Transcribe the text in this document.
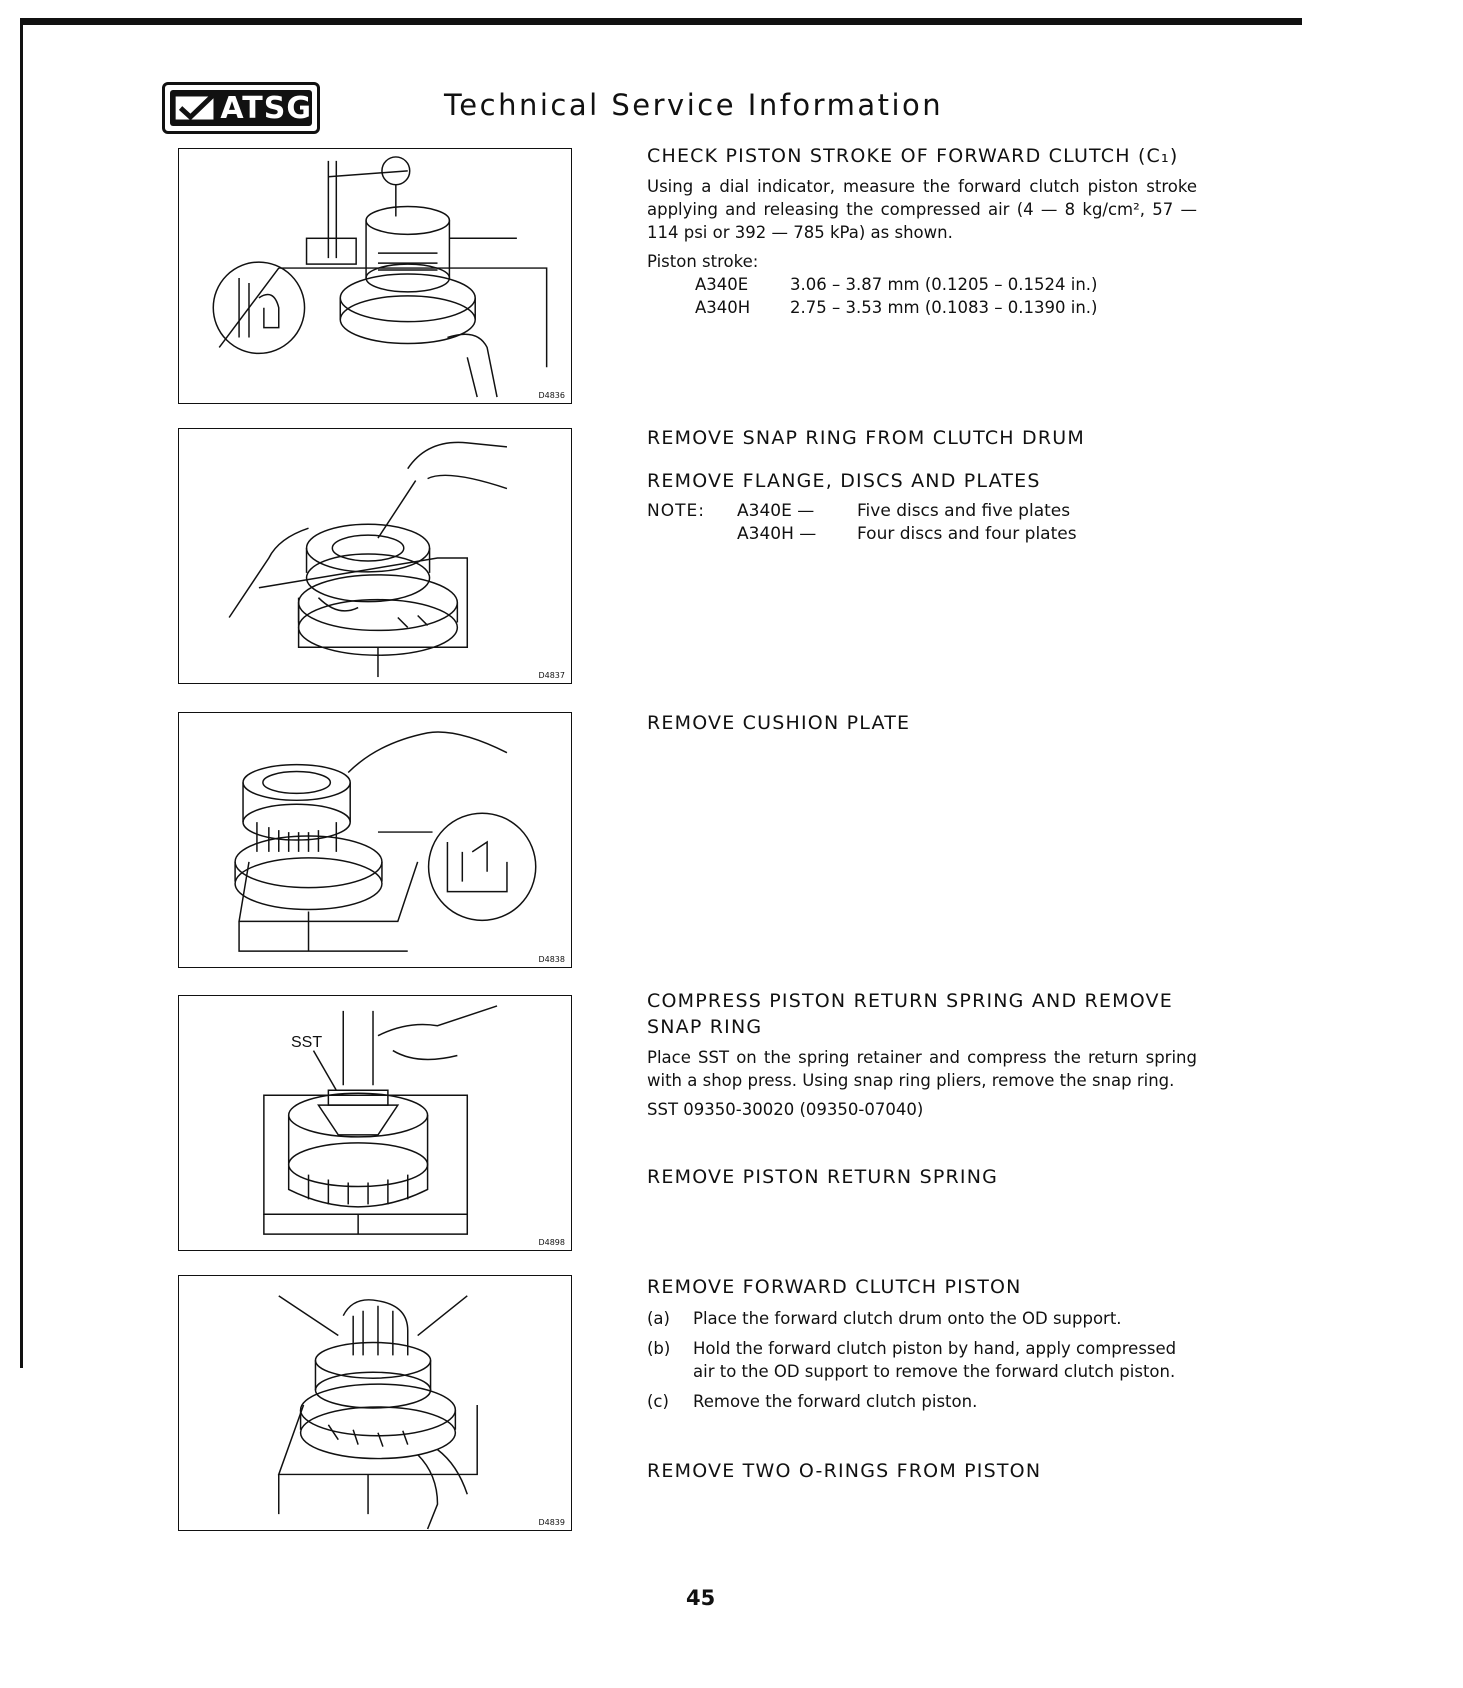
ATSG	Technical Service Information
D4836
D4837
D4838
SST
D4898
D4839
CHECK PISTON STROKE OF FORWARD CLUTCH (C₁)

Using a dial indicator, measure the forward clutch piston stroke applying and releasing the compressed air (4 — 8 kg/cm², 57 — 114 psi or 392 — 785 kPa) as shown.

Piston stroke:

A340E	3.06 – 3.87 mm (0.1205 – 0.1524 in.)
A340H	2.75 – 3.53 mm (0.1083 – 0.1390 in.)
REMOVE SNAP RING FROM CLUTCH DRUM
REMOVE FLANGE, DISCS AND PLATES
NOTE:	A340E —	Five discs and five plates
A340H —	Four discs and four plates
REMOVE CUSHION PLATE
COMPRESS PISTON RETURN SPRING AND REMOVE SNAP RING

Place SST on the spring retainer and compress the return spring with a shop press. Using snap ring pliers, remove the snap ring.

SST 09350-30020 (09350-07040)

REMOVE PISTON RETURN SPRING
REMOVE FORWARD CLUTCH PISTON
(a)	Place the forward clutch drum onto the OD support.
(b)	Hold the forward clutch piston by hand, apply compressed air to the OD support to remove the forward clutch piston.
(c)	Remove the forward clutch piston.
REMOVE TWO O-RINGS FROM PISTON
45
